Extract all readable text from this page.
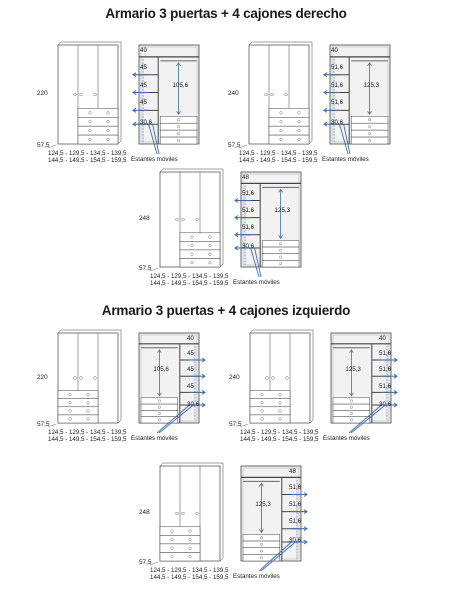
Armario 3 puertas + 4 cajones derecho
Armario 3 puertas + 4 cajones izquierdo
220
57,5
124,5 - 129,5 - 134,5 - 139,5
144,5 - 149,5 - 154,5 - 159,5 Estantes móviles
105,6
40
45
45
45
30,6
240
57,5
124,5 - 129,5 - 134,5 - 139,5
144,5 - 149,5 - 154,5 - 159,5 Estantes móviles
125,3
40
51,6
51,6
51,6
30,6
248
57,5
124,5 - 129,5 - 134,5 - 139,5
144,5 - 149,5 - 154,5 - 159,5 Estantes móviles
125,3
48
51,6
51,6
51,6
30,6
220
57,5
124,5 - 129,5 - 134,5 - 139,5
144,5 - 149,5 - 154,5 - 159,5 Estantes móviles
105,6
40
45
45
45
30,6
240
57,5
124,5 - 129,5 - 134,5 - 139,5
144,5 - 149,5 - 154,5 - 159,5 Estantes móviles
125,3
40
51,6
51,6
51,6
30,6
248
57,5
124,5 - 129,5 - 134,5 - 139,5
144,5 - 149,5 - 154,5 - 159,5 Estantes móviles
125,3
48
51,6
51,6
51,6
30,6
